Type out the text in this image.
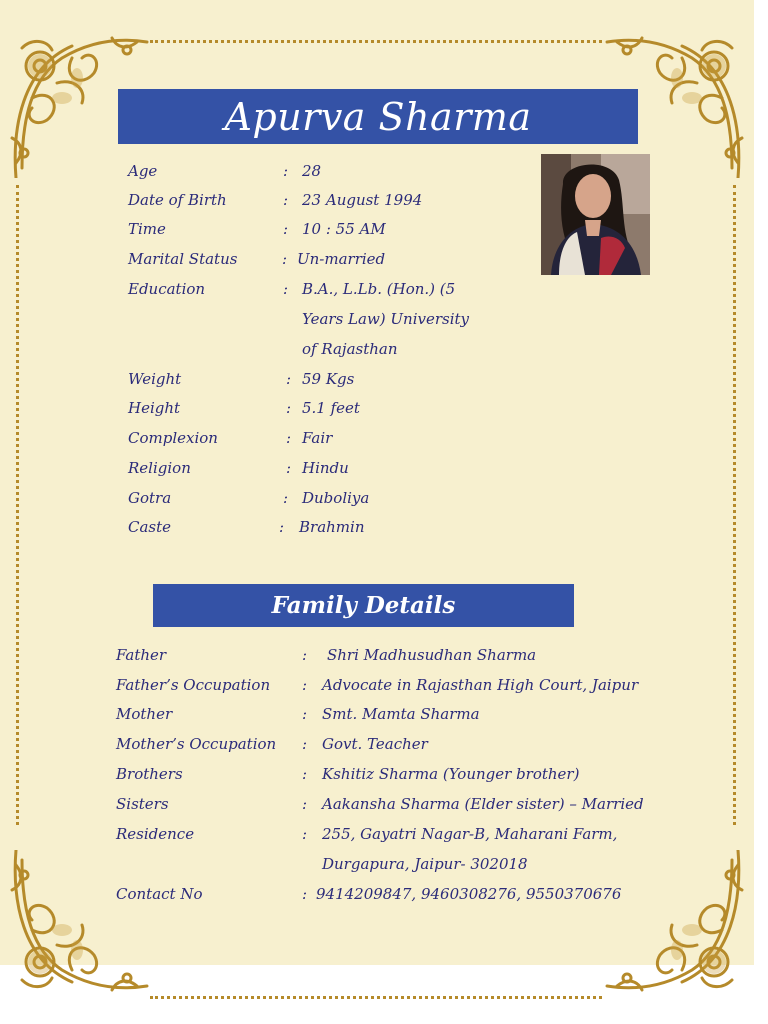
Apurva Sharma

Age	: 28

Date of Birth	: 23 August 1994

Time	: 10 : 55 AM

Marital Status	: Un-married

Education	: B.A., L.Lb. (Hon.) (5

Years Law) University

of Rajasthan

Weight	: 59 Kgs

Height	: 5.1 feet

Complexion	: Fair

Religion	: Hindu

Gotra	: Duboliya

Caste	: Brahmin

Family Details

Father	: Shri Madhusudhan Sharma

Father’s Occupation : Advocate in Rajasthan High Court, Jaipur

Mother	: Smt. Mamta Sharma

Mother’s Occupation : Govt. Teacher

Brothers	: Kshitiz Sharma (Younger brother)

Sisters	: Aakansha Sharma (Elder sister) – Married

Residence	: 255, Gayatri Nagar-B, Maharani Farm,

Durgapura, Jaipur- 302018

Contact No	: 9414209847, 9460308276, 9550370676
